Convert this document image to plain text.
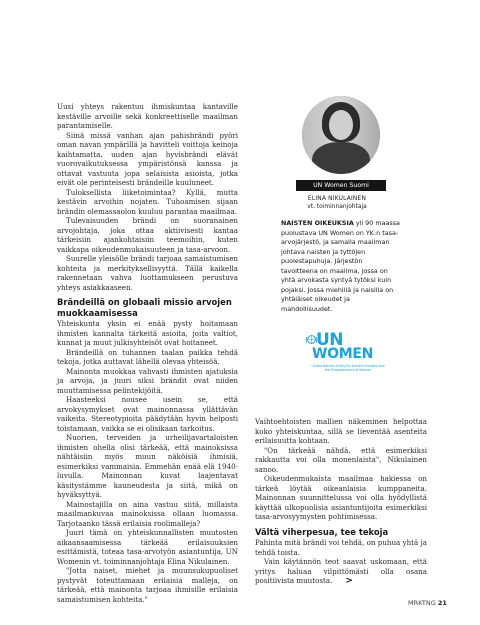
Uusi yhteys rakentuu ihmiskuntaa kantaville kestäville arvoille sekä konkreettiselle maailman parantamiselle.

Siinä missä vanhan ajan pahisbrändi pyöri oman navan ympärillä ja havitteli voittoja keinoja kaihtamatta, uuden ajan hyvisbrändi elävät vuorovaikutuksessa ympäristönsä kanssa ja ottavat vastuuta jopa selaisista asioista, jotka eivät ole perinteisesti brändeille kuuluneet.

Tuloksellista liiketoimintaa? Kyllä, mutta kestävin arvoihin nojaten. Tuhoamisen sijaan brändin olemassaolon kuuluu parantaa maailmaa.

Tulevaisuuden brändi on suoranainen arvojohtaja, joka ottaa aktiivisesti kantaa tärkeisiin ajankohtaisiin teemoihin, kuten vaikkapa oikeudenmukaisuuteen ja tasa-arvoon.

Suurelle yleisölle brändi tarjoaa samaistumisen kohteita ja merkityksellisyyttä. Tällä kaikella rakennetaan vahva luottamukseen perustuva yhteys asiakkaaseen.

Brändeillä on globaali missio arvojen muokkaamisessa

Yhteiskunta yksin ei enää pysty hoitamaan ihmisten kannalta tärkeitä asioita, joita valtiot, kunnat ja muut julkisyhteisöt ovat hoitaneet.

Brändeillä on tuhannen taalan paikka tehdä tekoja, jotka auttavat lähellä olevaa yhteisöä.

Mainonta muokkaa vahvasti ihmisten ajatuksia ja arvoja, ja juuri siksi brändit ovat niiden muuttamisessa pelintekijöitä.

Haasteeksi nousee usein se, että arvokysymykset ovat mainonnassa yllättävän vaikeita. Stereotypioita päädytään hyvin helposti toistamaan, vaikka se ei olisikaan tarkoitus.

Nuorien, terveiden ja urheilijavartaloisten ihmisten ohella olisi tärkeää, että mainoksissa nähtäisiin myös muun näköisiä ihmisiä, esimerkiksi vammaisia. Emmehän enää elä 1940-luvulla. Mainonnan kuvat laajentavat käsitystämme kauneudesta ja siitä, mikä on hyväksyttyä.

Mainostajilla on aina vastuu siitä, millaista maailmankuvaa mainoksissa ollaan luomassa. Tarjotaanko tässä erilaisia roolimalleja?

Juuri tämä on yhteiskunnallisten muutosten aikaansaamisessa tärkeää erilaisuuksien esittämistä, toteaa tasa-arvotyön asiantuntija, UN Womenin vt. toiminnanjohtaja Elina Nikulainen.

"Jotta naiset, miehet ja muunsukupuoliset pystyvät toteuttamaan erilaisia malleja, on tärkeää, että mainonta tarjoaa ihmisille erilaisia samaistumisen kohteita."

UN Women Suomi
ELINA NIKULAINEN
vt. toiminnanjohtaja
NAISTEN OIKEUKSIA yli 90 maassa puolustava UN Women on YK:n tasa-arvojärjestö, ja samalla maailman johtava naisten ja tyttöjen puolestapuhuja. Järjestön tavoitteena on maailma, jossa on yhtä arvokasta syntyä tytöksi kuin pojaksi. Jossa miehillä ja naisilla on yhtäläiset oikeudet ja mahdollisuudet.
UN
WOMEN
United Nations Entity for Gender Equality and the Empowerment of Women

Vaihtoehtoisten mallien näkeminen helpottaa koko yhteiskuntaa, sillä se lieventää asenteita erilaisuutta kohtaan.

"On tärkeää nähdä, että esimerkiksi rakkautta voi olla monenlaista", Nikulainen sanoo.

Oikeudenmukaista maailmaa hakiessa on tärkeä löytää oikeanlaisia kumppaneita. Mainonnan suunnittelussa voi olla hyödyllistä käyttää ulkopuolisia asiantuntijoita esimerkiksi tasa-arvosyymysten pohtimisessa.

Vältä viherpesua, tee tekoja

Pahinta mitä brändi voi tehdä, on puhua yhtä ja tehdä toista.

Vain käytännön teot saavat uskomaan, että yritys haluaa vilpittömästi olla osana positiivista muutosta. >

MRKTNG 21
